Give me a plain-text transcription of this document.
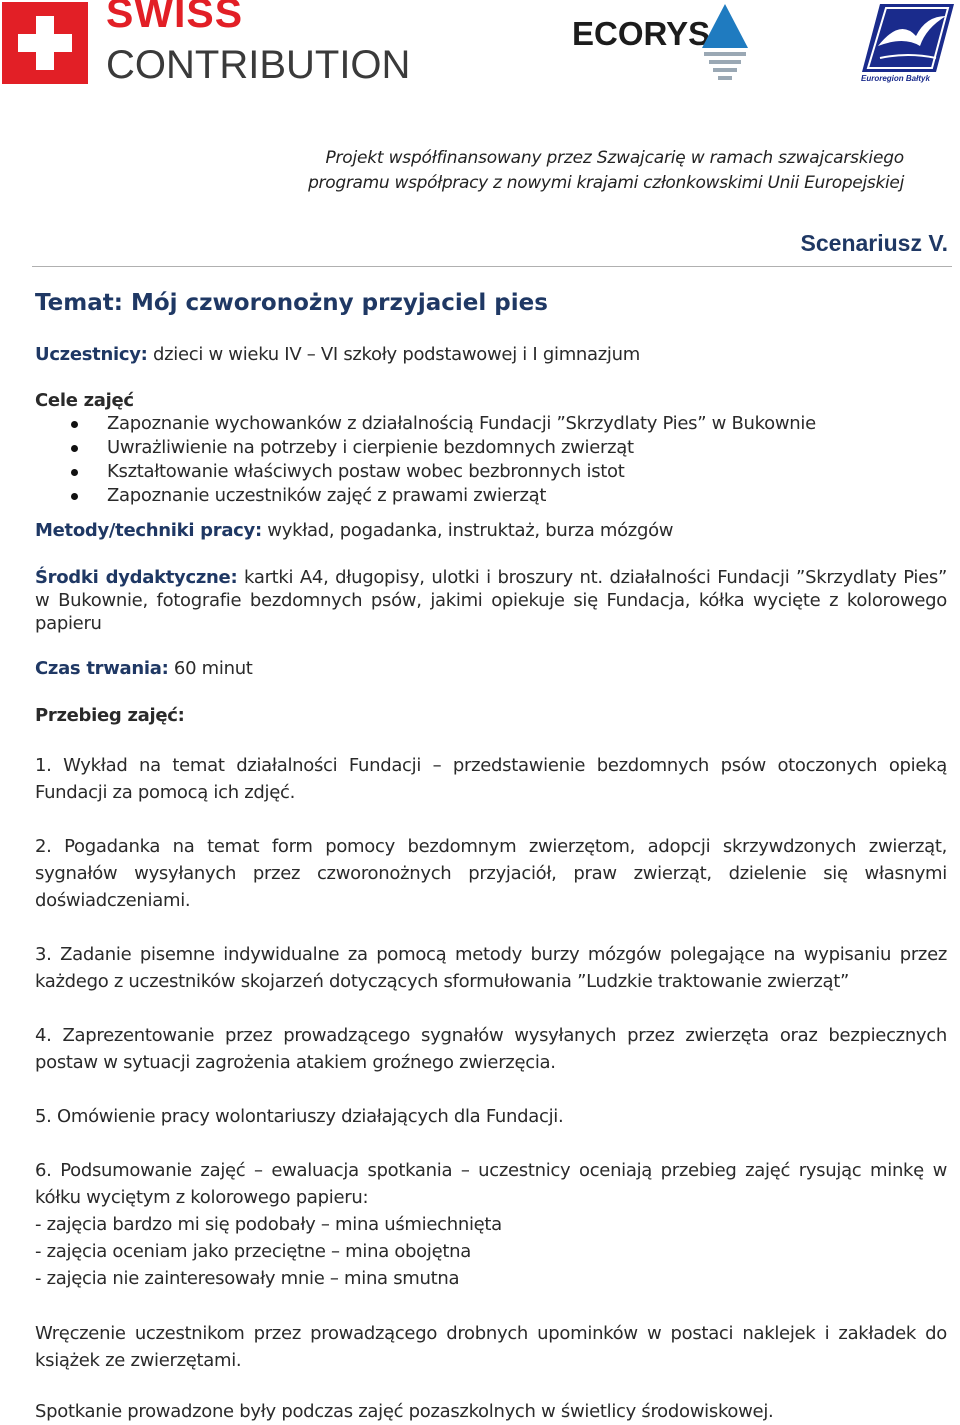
SWISS
CONTRIBUTION
ECORYS
Euroregion Bałtyk
Projekt współfinansowany przez Szwajcarię w ramach szwajcarskiego
programu współpracy z nowymi krajami członkowskimi Unii Europejskiej
Scenariusz V.
Temat: Mój czworonożny przyjaciel pies
Uczestnicy: dzieci w wieku IV – VI szkoły podstawowej i I gimnazjum
Cele zajęć
Zapoznanie wychowanków z działalnością Fundacji ”Skrzydlaty Pies” w Bukownie
Uwrażliwienie na potrzeby i cierpienie bezdomnych zwierząt
Kształtowanie właściwych postaw wobec bezbronnych istot
Zapoznanie uczestników zajęć z prawami zwierząt
Metody/techniki pracy: wykład, pogadanka, instruktaż, burza mózgów
Środki dydaktyczne: kartki A4, długopisy, ulotki i broszury nt. działalności Fundacji ”Skrzydlaty Pies” w Bukownie, fotografie bezdomnych psów, jakimi opiekuje się Fundacja, kółka wycięte z kolorowego papieru
Czas trwania: 60 minut
Przebieg zajęć:
1. Wykład na temat działalności Fundacji – przedstawienie bezdomnych psów otoczonych opieką Fundacji za pomocą ich zdjęć.
2. Pogadanka na temat form pomocy bezdomnym zwierzętom, adopcji skrzywdzonych zwierząt, sygnałów wysyłanych przez czworonożnych przyjaciół, praw zwierząt, dzielenie się własnymi doświadczeniami.
3. Zadanie pisemne indywidualne za pomocą metody burzy mózgów polegające na wypisaniu przez każdego z uczestników skojarzeń dotyczących sformułowania ”Ludzkie traktowanie zwierząt”
4. Zaprezentowanie przez prowadzącego sygnałów wysyłanych przez zwierzęta oraz bezpiecznych postaw w sytuacji zagrożenia atakiem groźnego zwierzęcia.
5. Omówienie pracy wolontariuszy działających dla Fundacji.
6. Podsumowanie zajęć – ewaluacja spotkania – uczestnicy oceniają przebieg zajęć rysując minkę w kółku wyciętym z kolorowego papieru:
- zajęcia bardzo mi się podobały – mina uśmiechnięta
- zajęcia oceniam jako przeciętne – mina obojętna
- zajęcia nie zainteresowały mnie – mina smutna
Wręczenie uczestnikom przez prowadzącego drobnych upominków w postaci naklejek i zakładek do książek ze zwierzętami.
Spotkanie prowadzone były podczas zajęć pozaszkolnych w świetlicy środowiskowej.
